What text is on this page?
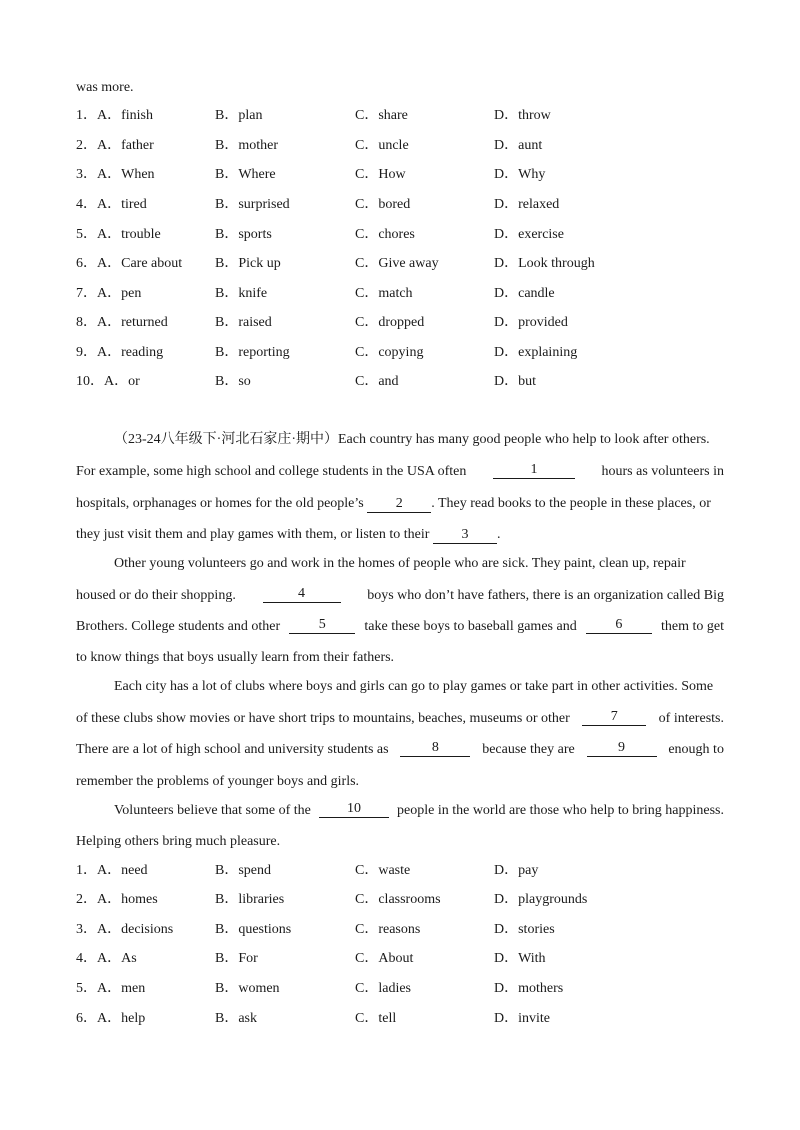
was more.
1．A．finish	B．plan	C．share	D．throw
2．A．father	B．mother	C．uncle	D．aunt
3．A．When	B．Where	C．How	D．Why
4．A．tired	B．surprised	C．bored	D．relaxed
5．A．trouble	B．sports	C．chores	D．exercise
6．A．Care about B．Pick up	C．Give away	D．Look through
7．A．pen	B．knife	C．match	D．candle
8．A．returned	B．raised	C．dropped	D．provided
9．A．reading	B．reporting	C．copying	D．explaining
10．A．or	B．so	C．and	D．but
（23-24八年级下·河北石家庄·期中）Each country has many good people who help to look after others.
For example, some high school and college students in the USA often	1	hours as volunteers in
hospitals, orphanages or homes for the old people’s 2 . They read books to the people in these places, or
they just visit them and play games with them, or listen to their 3 .
Other young volunteers go and work in the homes of people who are sick. They paint, clean up, repair
housed or do their shopping.	4	boys who don’t have fathers, there is an organization called Big
Brothers. College students and other	5	take these boys to baseball games and	6	them to get
to know things that boys usually learn from their fathers.
Each city has a lot of clubs where boys and girls can go to play games or take part in other activities. Some
of these clubs show movies or have short trips to mountains, beaches, museums or other	7	of interests.
There are a lot of high school and university students as	8	because they are	9	enough to
remember the problems of younger boys and girls.
Volunteers believe that some of the	10	people in the world are those who help to bring happiness.
Helping others bring much pleasure.
1．A．need	B．spend	C．waste	D．pay
2．A．homes	B．libraries	C．classrooms	D．playgrounds
3．A．decisions	B．questions	C．reasons	D．stories
4．A．As	B．For	C．About	D．With
5．A．men	B．women	C．ladies	D．mothers
6．A．help	B．ask	C．tell	D．invite
